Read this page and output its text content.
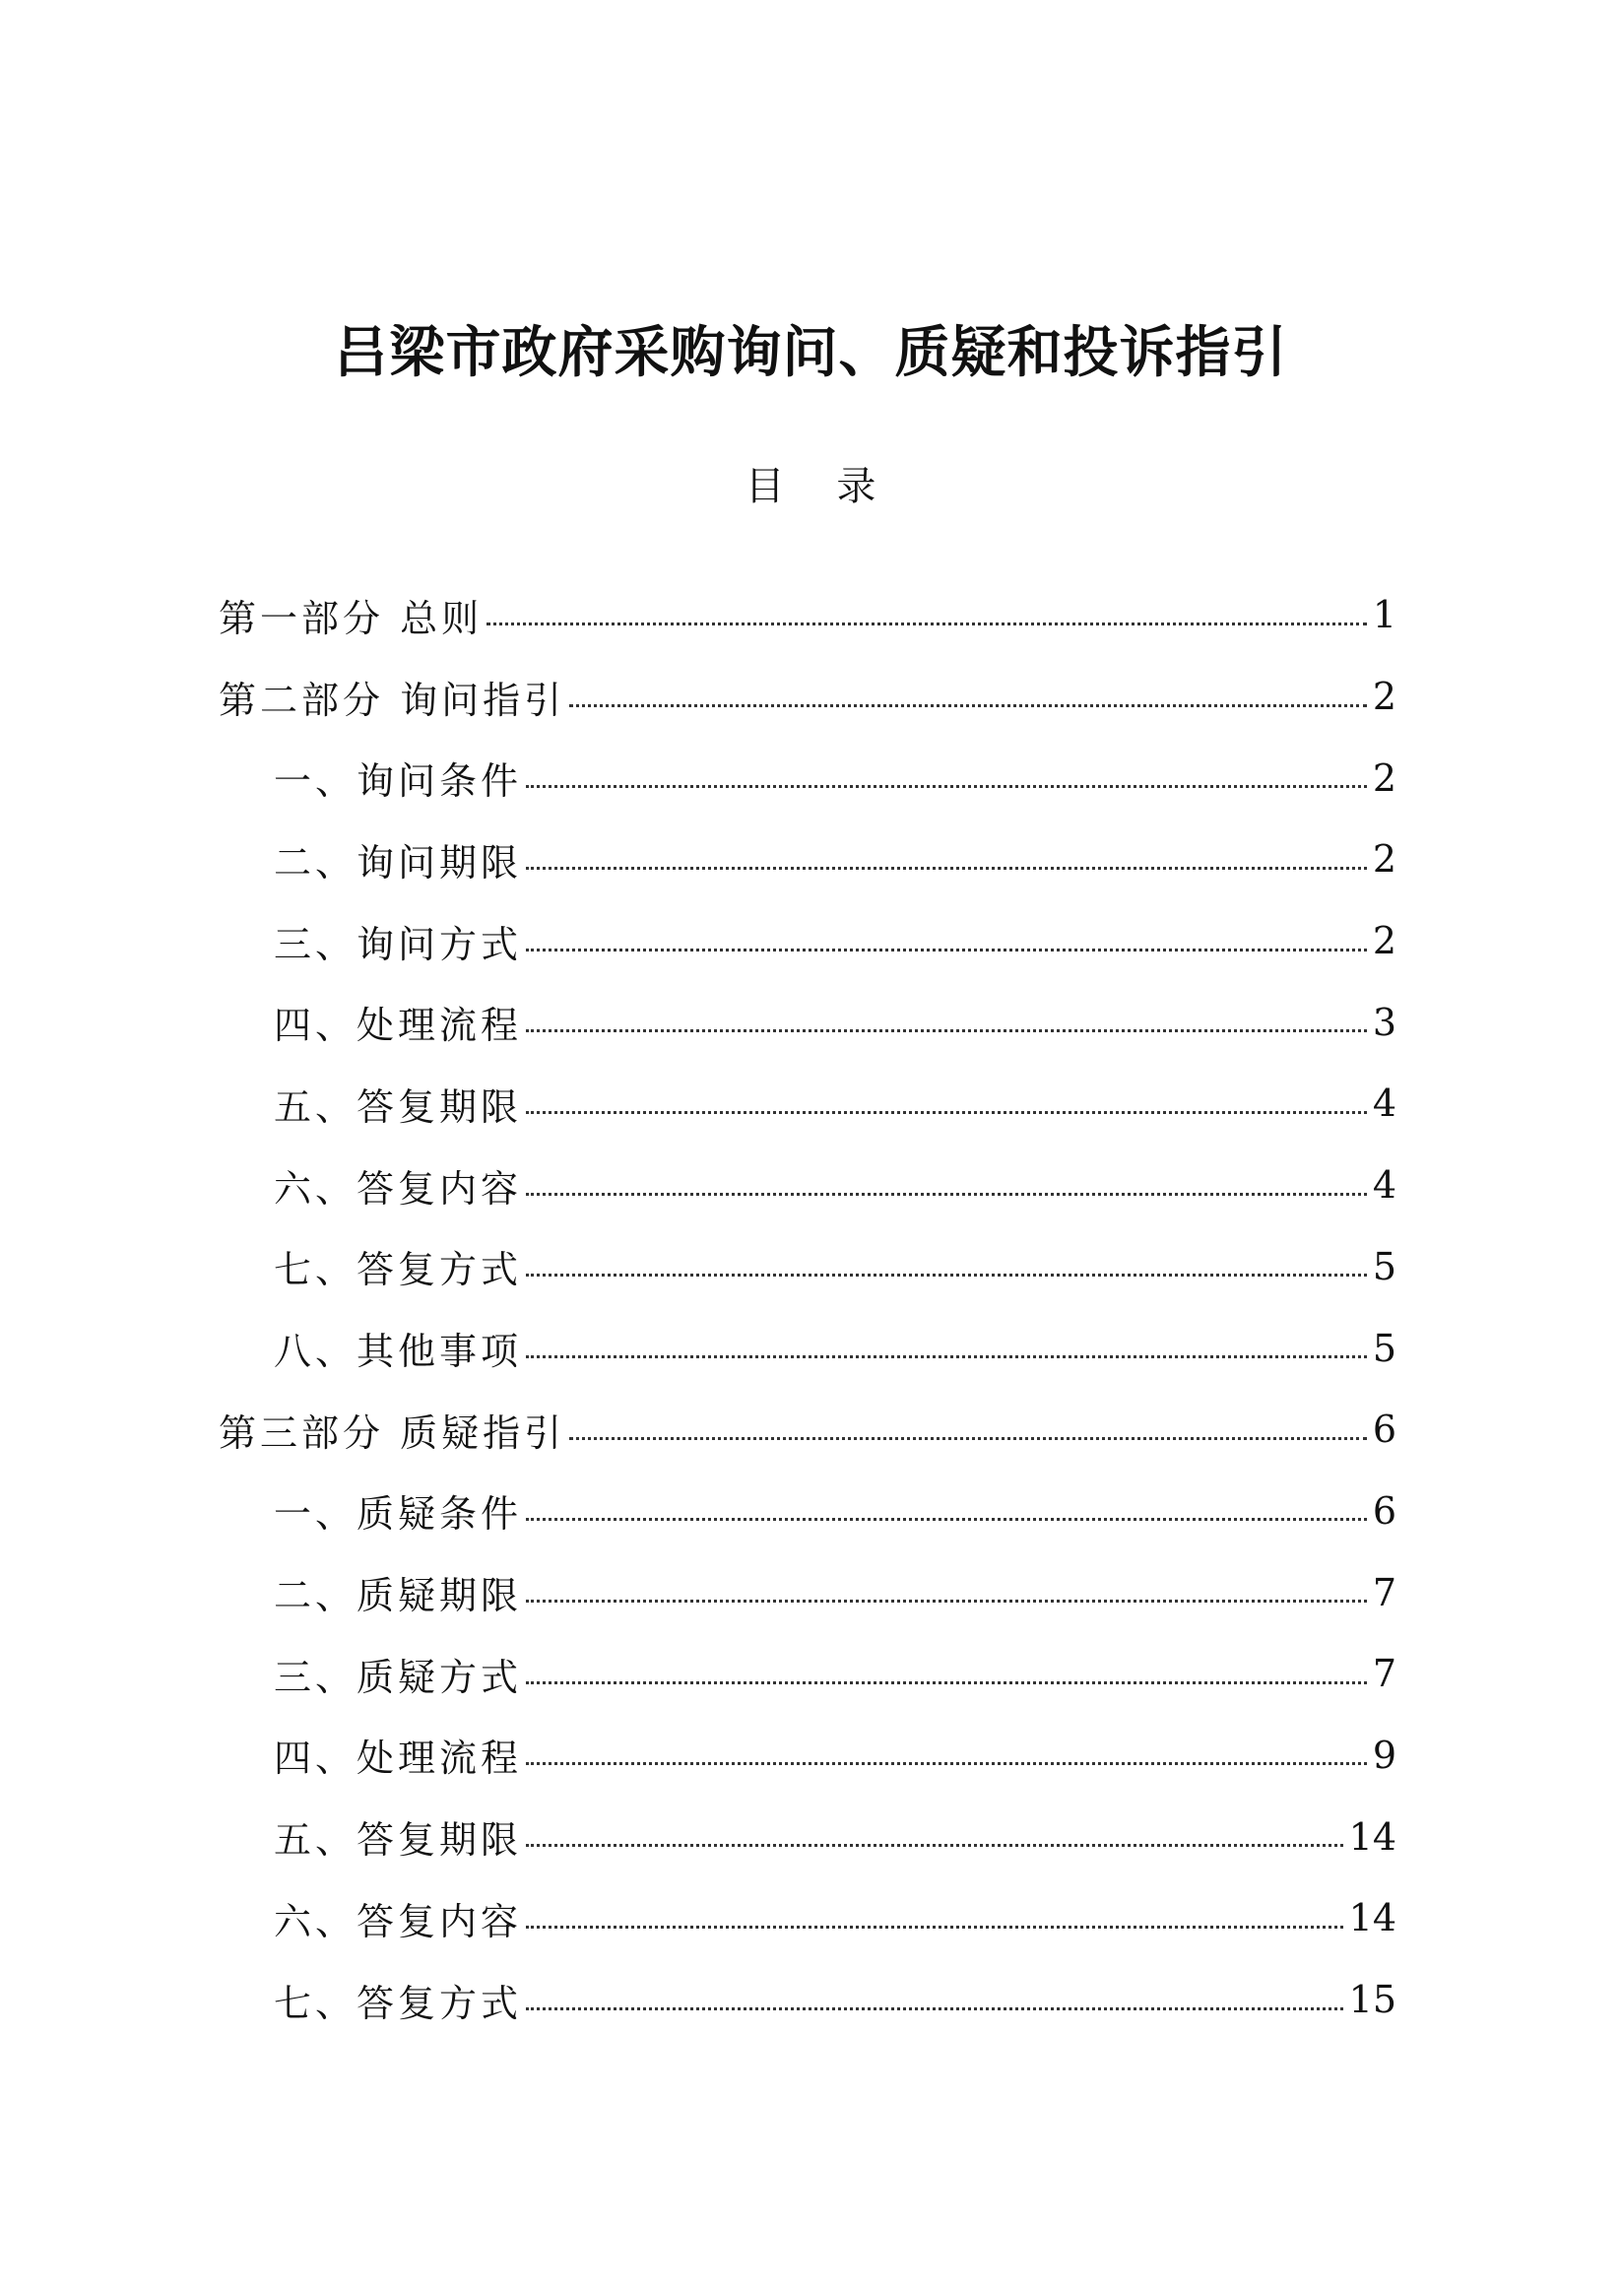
吕梁市政府采购询问、质疑和投诉指引
目 录
第一部分 总则	1
第二部分 询问指引	2
一、询问条件	2
二、询问期限	2
三、询问方式	2
四、处理流程	3
五、答复期限	4
六、答复内容	4
七、答复方式	5
八、其他事项	5
第三部分 质疑指引	6
一、质疑条件	6
二、质疑期限	7
三、质疑方式	7
四、处理流程	9
五、答复期限	14
六、答复内容	14
七、答复方式	15
